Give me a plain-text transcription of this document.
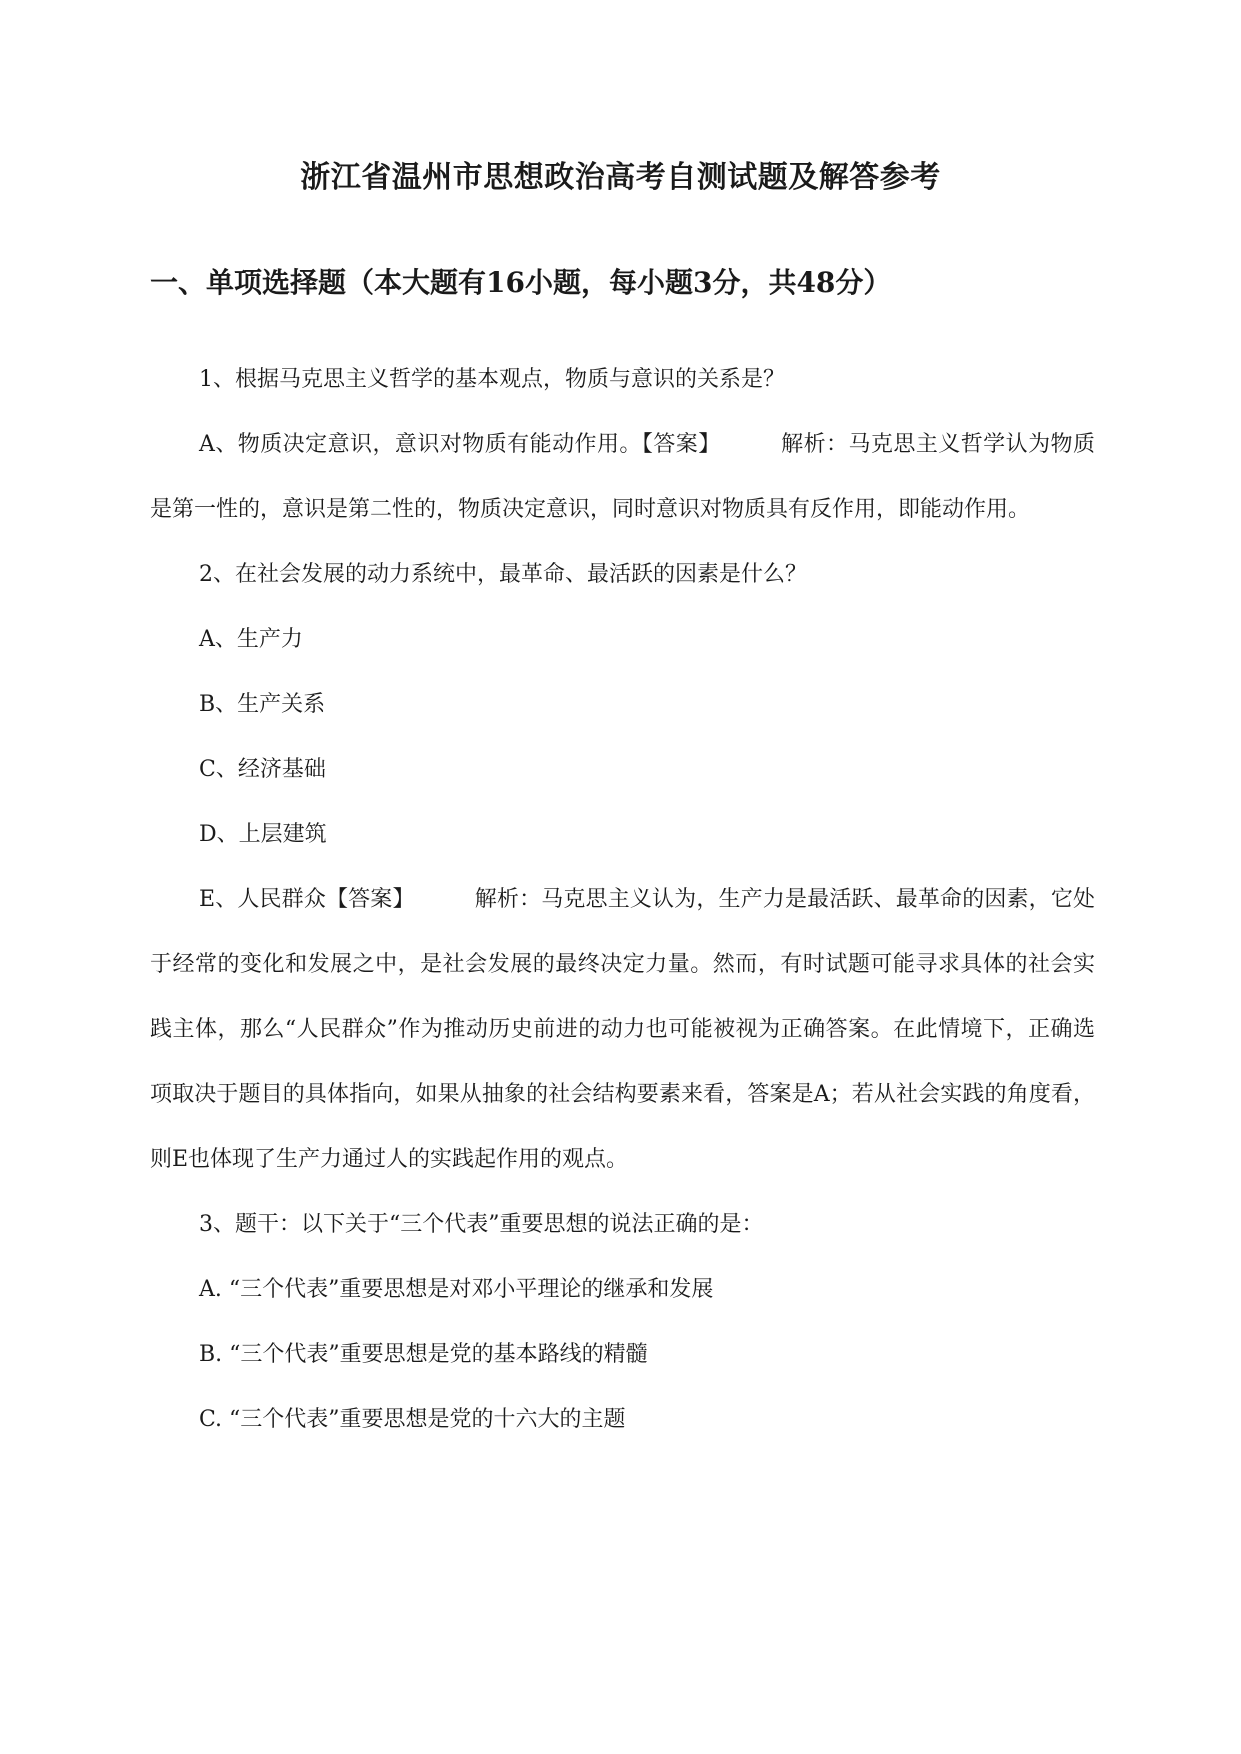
浙江省温州市思想政治高考自测试题及解答参考
一、单项选择题（本大题有16小题，每小题3分，共48分）

1、根据马克思主义哲学的基本观点，物质与意识的关系是？

A、物质决定意识，意识对物质有能动作用。【答案】	解析：马克思主义哲学认为物质是第一性的，意识是第二性的，物质决定意识，同时意识对物质具有反作用，即能动作用。

2、在社会发展的动力系统中，最革命、最活跃的因素是什么？

A、生产力

B、生产关系

C、经济基础

D、上层建筑

E、人民群众【答案】	解析：马克思主义认为，生产力是最活跃、最革命的因素，它处于经常的变化和发展之中，是社会发展的最终决定力量。然而，有时试题可能寻求具体的社会实践主体，那么“人民群众”作为推动历史前进的动力也可能被视为正确答案。在此情境下，正确选项取决于题目的具体指向，如果从抽象的社会结构要素来看，答案是A；若从社会实践的角度看，则E也体现了生产力通过人的实践起作用的观点。

3、题干：以下关于“三个代表”重要思想的说法正确的是：

A. “三个代表”重要思想是对邓小平理论的继承和发展

B. “三个代表”重要思想是党的基本路线的精髓

C. “三个代表”重要思想是党的十六大的主题
